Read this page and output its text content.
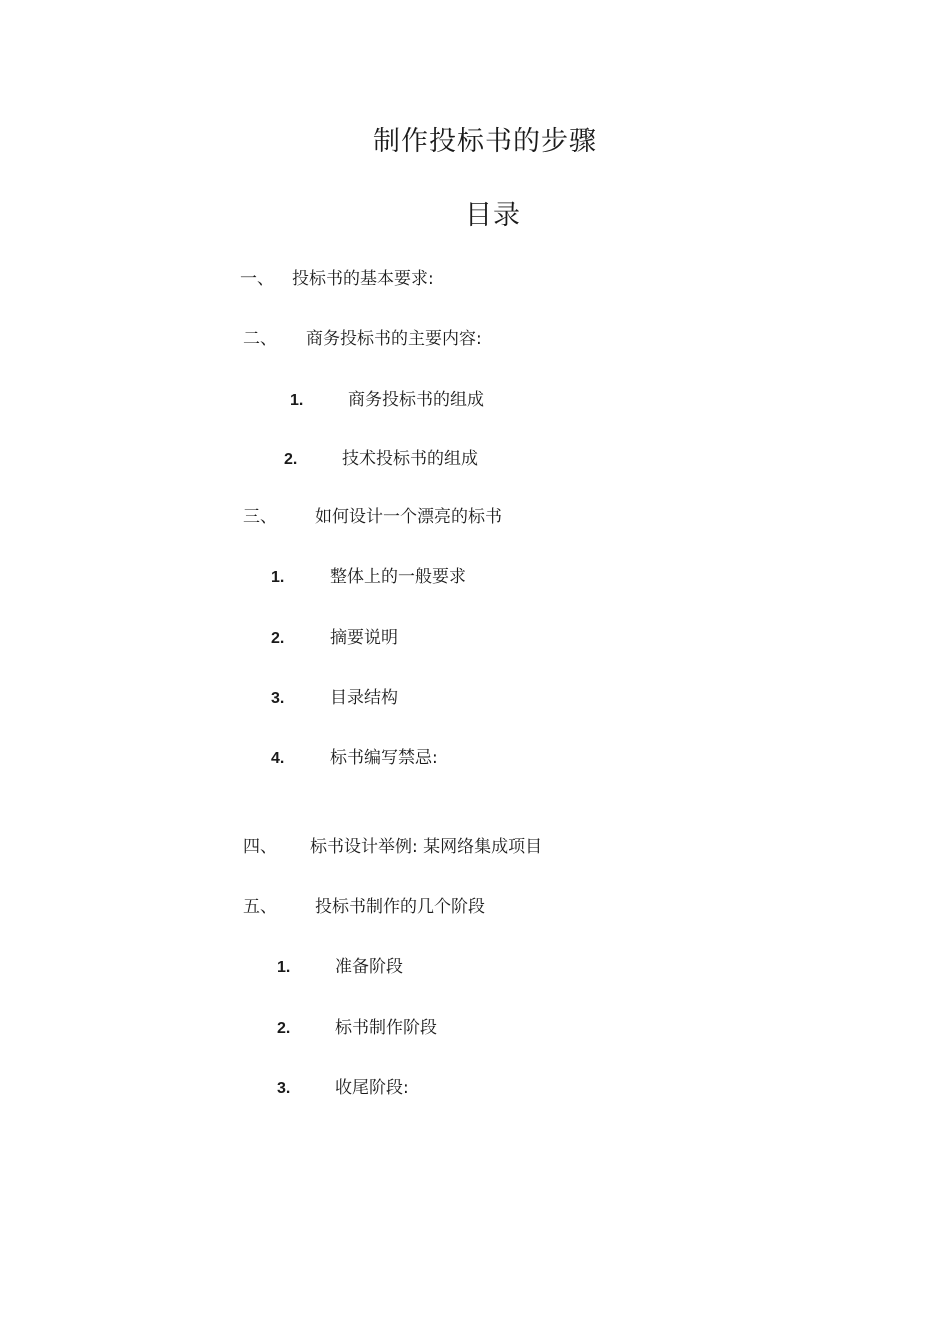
制作投标书的步骤
目录
一、 投标书的基本要求:
二、 商务投标书的主要内容:
1.	商务投标书的组成
2.	技术投标书的组成
三、 如何设计一个漂亮的标书
1.	整体上的一般要求
2.	摘要说明
3.	目录结构
4.	标书编写禁忌:
四、 标书设计举例: 某网络集成项目
五、 投标书制作的几个阶段
1.	准备阶段
2.	标书制作阶段
3.	收尾阶段:
